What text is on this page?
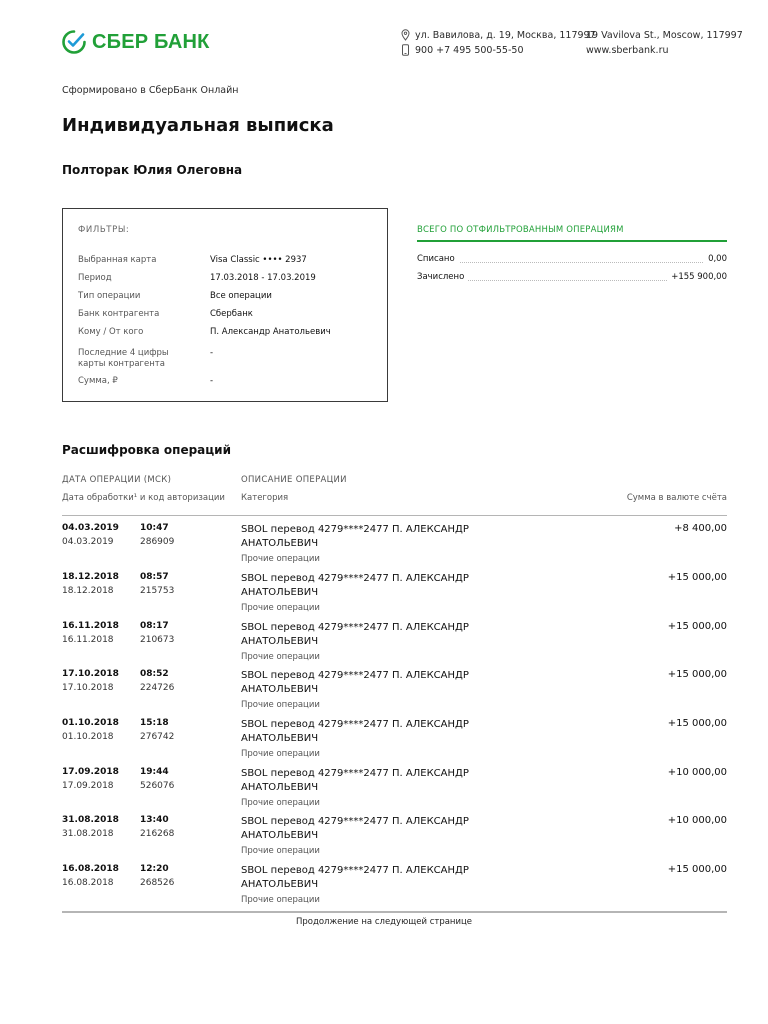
СБЕР БАНК	ул. Вавилова, д. 19, Москва, 117997
900 +7 495 500-55-50
19 Vavilova St., Moscow, 117997
www.sberbank.ru
Сформировано в СберБанк Онлайн
Индивидуальная выписка
Полторак Юлия Олеговна
ФИЛЬТРЫ:
Выбранная карта	Visa Classic •••• 2937
Период	17.03.2018 - 17.03.2019
Тип операции	Все операции
Банк контрагента	Сбербанк
Кому / От кого	П. Александр Анатольевич
Последние 4 цифры карты контрагента
-
Сумма, ₽	-
ВСЕГО ПО ОТФИЛЬТРОВАННЫМ ОПЕРАЦИЯМ
Списано	0,00
Зачислено	+155 900,00
Расшифровка операций
ДАТА ОПЕРАЦИИ (МСК)
Дата обработки¹ и код авторизации
ОПИСАНИЕ ОПЕРАЦИИ
Категория	Сумма в валюте счёта
04.03.2019 10:47
04.03.2019	286909
SBOL перевод 4279****2477 П. АЛЕКСАНДР АНАТОЛЬЕВИЧ
Прочие операции
+8 400,00
18.12.2018 08:57
18.12.2018	215753
SBOL перевод 4279****2477 П. АЛЕКСАНДР АНАТОЛЬЕВИЧ
Прочие операции
+15 000,00
16.11.2018 08:17
16.11.2018	210673
SBOL перевод 4279****2477 П. АЛЕКСАНДР АНАТОЛЬЕВИЧ
Прочие операции
+15 000,00
17.10.2018 08:52
17.10.2018	224726
SBOL перевод 4279****2477 П. АЛЕКСАНДР АНАТОЛЬЕВИЧ
Прочие операции
+15 000,00
01.10.2018 15:18
01.10.2018	276742
SBOL перевод 4279****2477 П. АЛЕКСАНДР АНАТОЛЬЕВИЧ
Прочие операции
+15 000,00
17.09.2018 19:44
17.09.2018	526076
SBOL перевод 4279****2477 П. АЛЕКСАНДР АНАТОЛЬЕВИЧ
Прочие операции
+10 000,00
31.08.2018 13:40
31.08.2018	216268
SBOL перевод 4279****2477 П. АЛЕКСАНДР АНАТОЛЬЕВИЧ
Прочие операции
+10 000,00
16.08.2018 12:20
16.08.2018	268526
SBOL перевод 4279****2477 П. АЛЕКСАНДР АНАТОЛЬЕВИЧ
Прочие операции
+15 000,00
Продолжение на следующей странице
